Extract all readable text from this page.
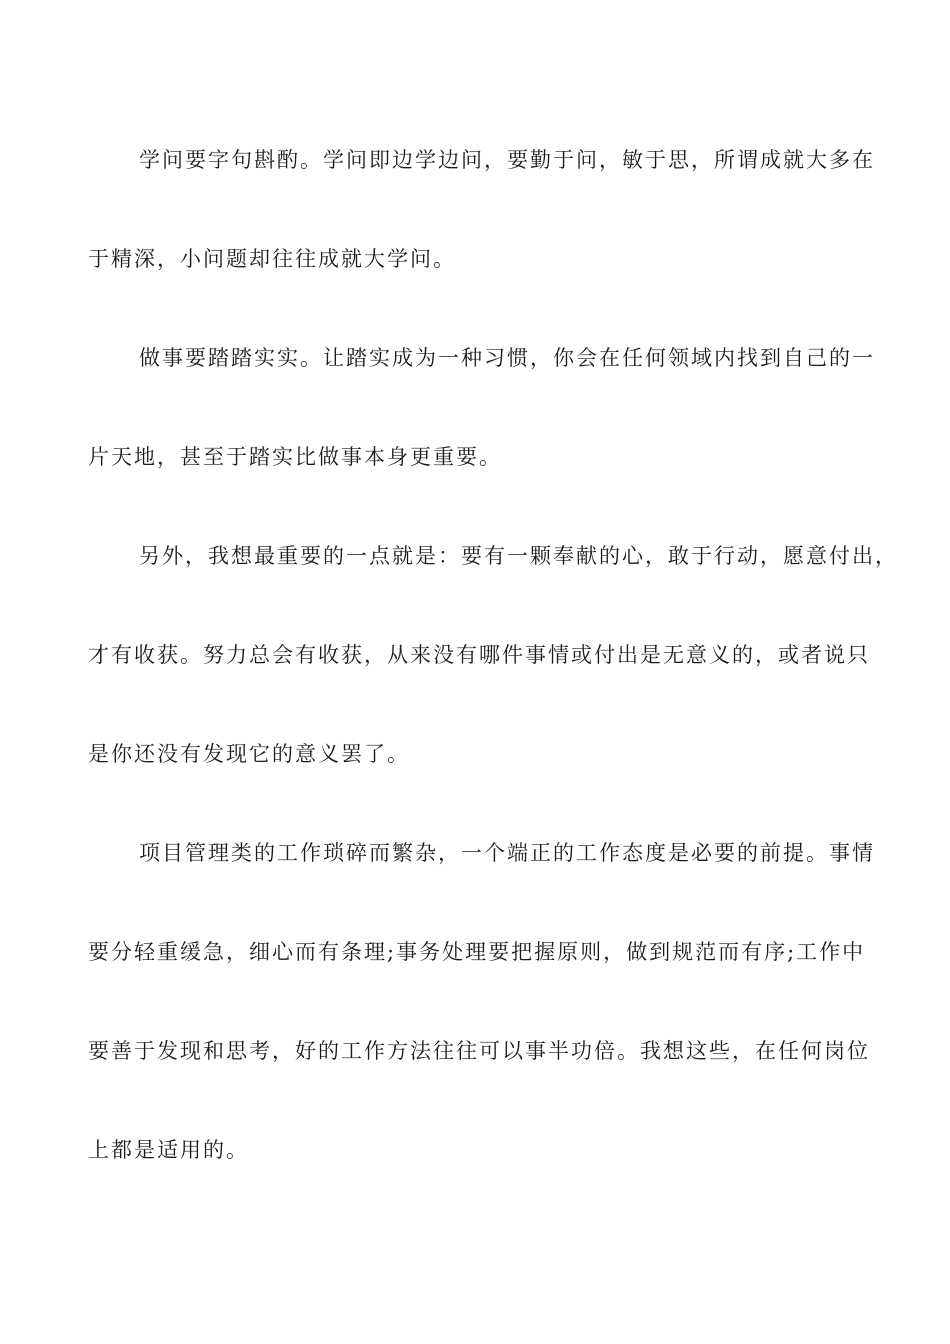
学问要字句斟酌。学问即边学边问，要勤于问，敏于思，所谓成就大多在
于精深，小问题却往往成就大学问。
做事要踏踏实实。让踏实成为一种习惯，你会在任何领域内找到自己的一
片天地，甚至于踏实比做事本身更重要。
另外，我想最重要的一点就是：要有一颗奉献的心，敢于行动，愿意付出，
才有收获。努力总会有收获，从来没有哪件事情或付出是无意义的，或者说只
是你还没有发现它的意义罢了。
项目管理类的工作琐碎而繁杂，一个端正的工作态度是必要的前提。事情
要分轻重缓急，细心而有条理;事务处理要把握原则，做到规范而有序;工作中
要善于发现和思考，好的工作方法往往可以事半功倍。我想这些，在任何岗位
上都是适用的。
